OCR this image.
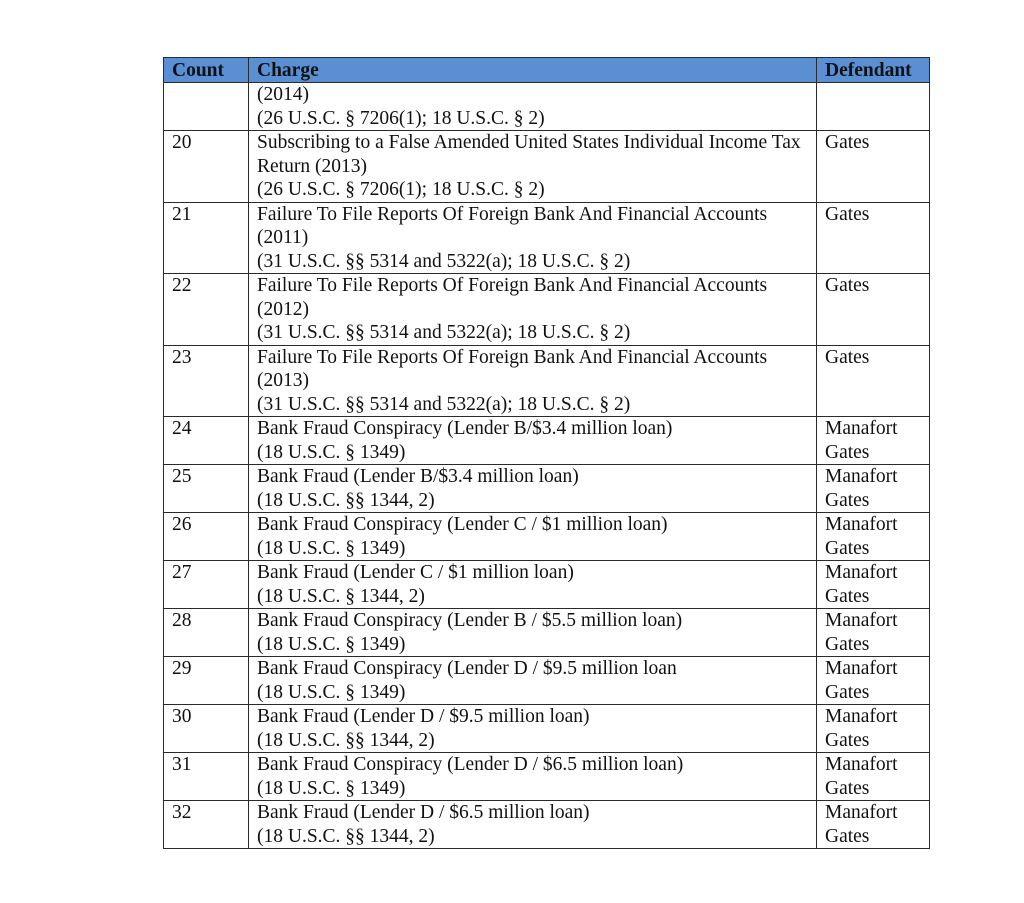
Count	Charge	Defendant

	(2014)
(26 U.S.C. § 7206(1); 18 U.S.C. § 2)	

20	Subscribing to a False Amended United States Individual Income Tax Return (2013)
(26 U.S.C. § 7206(1); 18 U.S.C. § 2)	Gates

21	Failure To File Reports Of Foreign Bank And Financial Accounts (2011)
(31 U.S.C. §§ 5314 and 5322(a); 18 U.S.C. § 2)	Gates

22	Failure To File Reports Of Foreign Bank And Financial Accounts (2012)
(31 U.S.C. §§ 5314 and 5322(a); 18 U.S.C. § 2)	Gates

23	Failure To File Reports Of Foreign Bank And Financial Accounts (2013)
(31 U.S.C. §§ 5314 and 5322(a); 18 U.S.C. § 2)	Gates

24	Bank Fraud Conspiracy (Lender B/$3.4 million loan)
(18 U.S.C. § 1349)	Manafort
Gates

25	Bank Fraud (Lender B/$3.4 million loan)
(18 U.S.C. §§ 1344, 2)	Manafort
Gates

26	Bank Fraud Conspiracy (Lender C / $1 million loan)
(18 U.S.C. § 1349)	Manafort
Gates

27	Bank Fraud (Lender C / $1 million loan)
(18 U.S.C. § 1344, 2)	Manafort
Gates

28	Bank Fraud Conspiracy (Lender B / $5.5 million loan)
(18 U.S.C. § 1349)	Manafort
Gates

29	Bank Fraud Conspiracy (Lender D / $9.5 million loan
(18 U.S.C. § 1349)	Manafort
Gates

30	Bank Fraud (Lender D / $9.5 million loan)
(18 U.S.C. §§ 1344, 2)	Manafort
Gates

31	Bank Fraud Conspiracy (Lender D / $6.5 million loan)
(18 U.S.C. § 1349)	Manafort
Gates

32	Bank Fraud (Lender D / $6.5 million loan)
(18 U.S.C. §§ 1344, 2)	Manafort
Gates
